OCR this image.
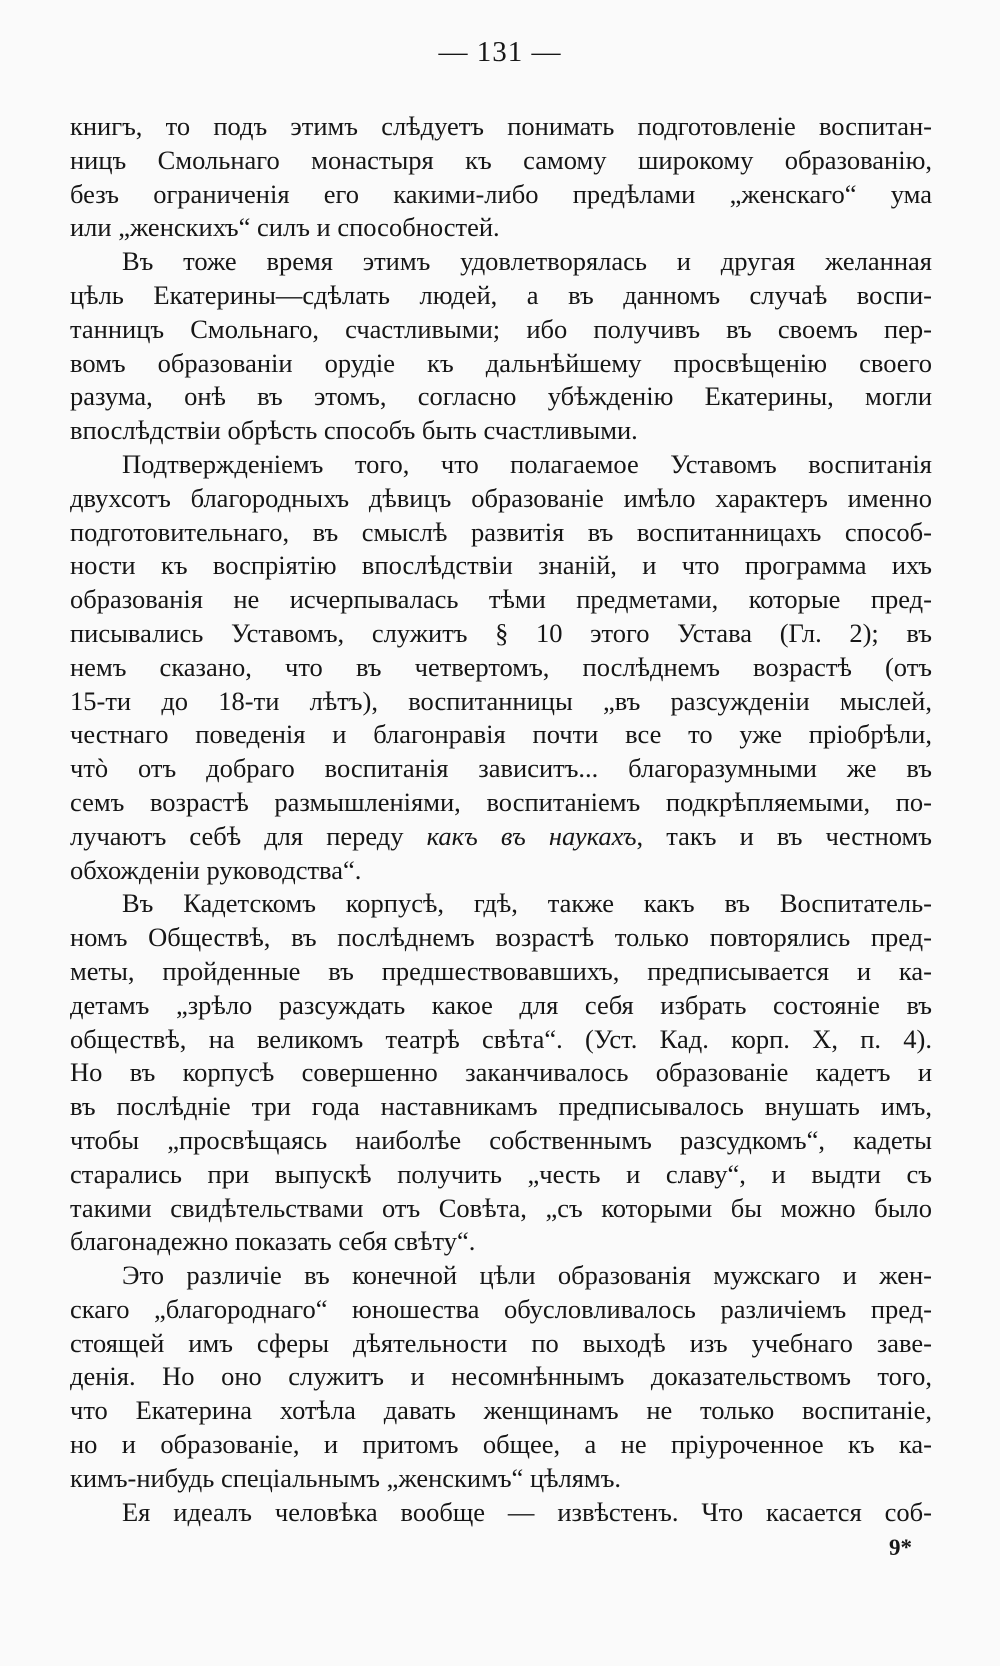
— 131 —
книгъ, то подъ этимъ слѣдуетъ понимать подготовленіе воспитан-
ницъ Смольнаго монастыря къ самому широкому образованію,
безъ ограниченія его какими-либо предѣлами „женскаго“ ума
или „женскихъ“ силъ и способностей.
Въ тоже время этимъ удовлетворялась и другая желанная
цѣль Екатерины—сдѣлать людей, а въ данномъ случаѣ воспи-
танницъ Смольнаго, счастливыми; ибо получивъ въ своемъ пер-
вомъ образованіи орудіе къ дальнѣйшему просвѣщенію своего
разума, онѣ въ этомъ, согласно убѣжденію Екатерины, могли
впослѣдствіи обрѣсть способъ быть счастливыми.
Подтвержденіемъ того, что полагаемое Уставомъ воспитанія
двухсотъ благородныхъ дѣвицъ образованіе имѣло характеръ именно
подготовительнаго, въ смыслѣ развитія въ воспитанницахъ способ-
ности къ воспріятію впослѣдствіи знаній, и что программа ихъ
образованія не исчерпывалась тѣми предметами, которые пред-
писывались Уставомъ, служитъ § 10 этого Устава (Гл. 2); въ
немъ сказано, что въ четвертомъ, послѣднемъ возрастѣ (отъ
15-ти до 18-ти лѣтъ), воспитанницы „въ разсужденіи мыслей,
честнаго поведенія и благонравія почти все то уже пріобрѣли,
чтò отъ добраго воспитанія зависитъ... благоразумными же въ
семъ возрастѣ размышленіями, воспитаніемъ подкрѣпляемыми, по-
лучаютъ себѣ для переду какъ въ наукахъ, такъ и въ честномъ
обхожденіи руководства“.
Въ Кадетскомъ корпусѣ, гдѣ, также какъ въ Воспитатель-
номъ Обществѣ, въ послѣднемъ возрастѣ только повторялись пред-
меты, пройденные въ предшествовавшихъ, предписывается и ка-
детамъ „зрѣло разсуждать какое для себя избрать состояніе въ
обществѣ, на великомъ театрѣ свѣта“. (Уст. Кад. корп. X, п. 4).
Но въ корпусѣ совершенно заканчивалось образованіе кадетъ и
въ послѣдніе три года наставникамъ предписывалось внушать имъ,
чтобы „просвѣщаясь наиболѣе собственнымъ разсудкомъ“, кадеты
старались при выпускѣ получить „честь и славу“, и выдти съ
такими свидѣтельствами отъ Совѣта, „съ которыми бы можно было
благонадежно показать себя свѣту“.
Это различіе въ конечной цѣли образованія мужскаго и жен-
скаго „благороднаго“ юношества обусловливалось различіемъ пред-
стоящей имъ сферы дѣятельности по выходѣ изъ учебнаго заве-
денія. Но оно служитъ и несомнѣннымъ доказательствомъ того,
что Екатерина хотѣла давать женщинамъ не только воспитаніе,
но и образованіе, и притомъ общее, а не пріуроченное къ ка-
кимъ-нибудь спеціальнымъ „женскимъ“ цѣлямъ.
Ея идеалъ человѣка вообще — извѣстенъ. Что касается соб-
9*
